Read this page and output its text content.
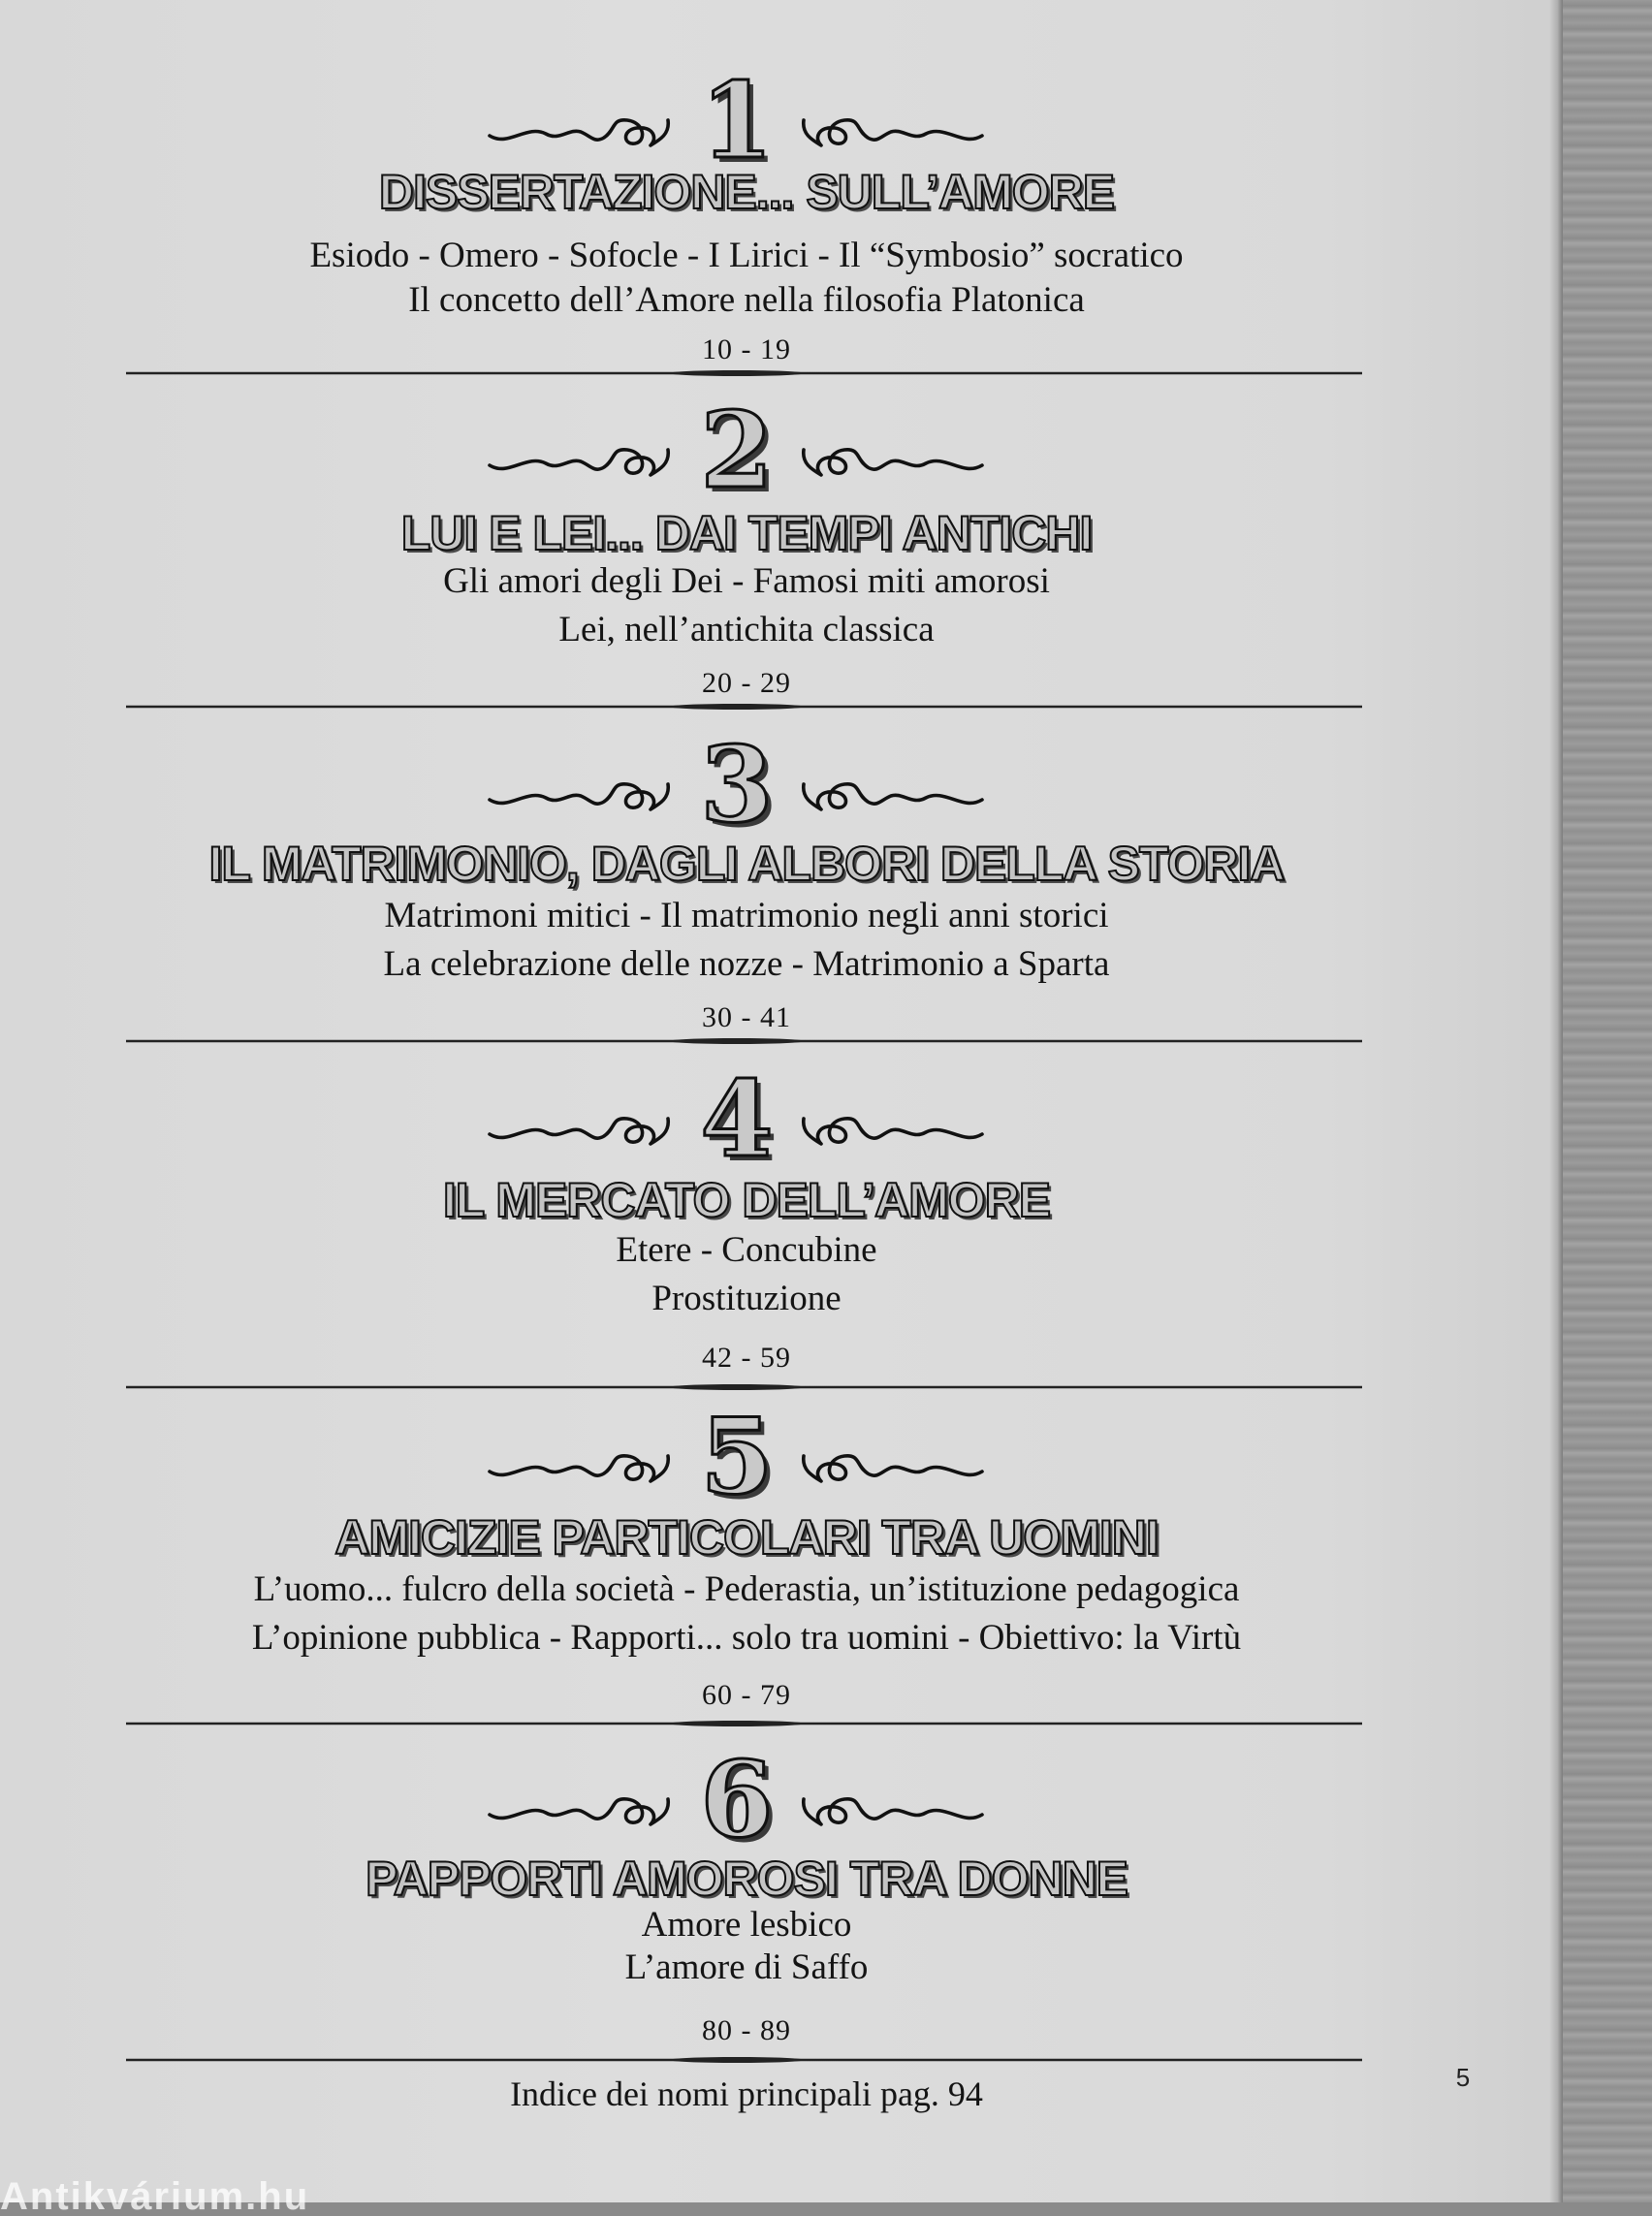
1
DISSERTAZIONE... SULL’AMORE
Esiodo - Omero - Sofocle - I Lirici - Il “Symbosio” socratico
Il concetto dell’Amore nella filosofia Platonica
10 - 19
2
LUI E LEI... DAI TEMPI ANTICHI
Gli amori degli Dei - Famosi miti amorosi
Lei, nell’antichita classica
20 - 29
3
IL MATRIMONIO, DAGLI ALBORI DELLA STORIA
Matrimoni mitici - Il matrimonio negli anni storici
La celebrazione delle nozze - Matrimonio a Sparta
30 - 41
4
IL MERCATO DELL’AMORE
Etere - Concubine
Prostituzione
42 - 59
5
AMICIZIE PARTICOLARI TRA UOMINI
L’uomo... fulcro della società - Pederastia, un’istituzione pedagogica
L’opinione pubblica - Rapporti... solo tra uomini - Obiettivo: la Virtù
60 - 79
6
PAPPORTI AMOROSI TRA DONNE
Amore lesbico
L’amore di Saffo
80 - 89
Indice dei nomi principali pag. 94	5
Antikvárium.hu
